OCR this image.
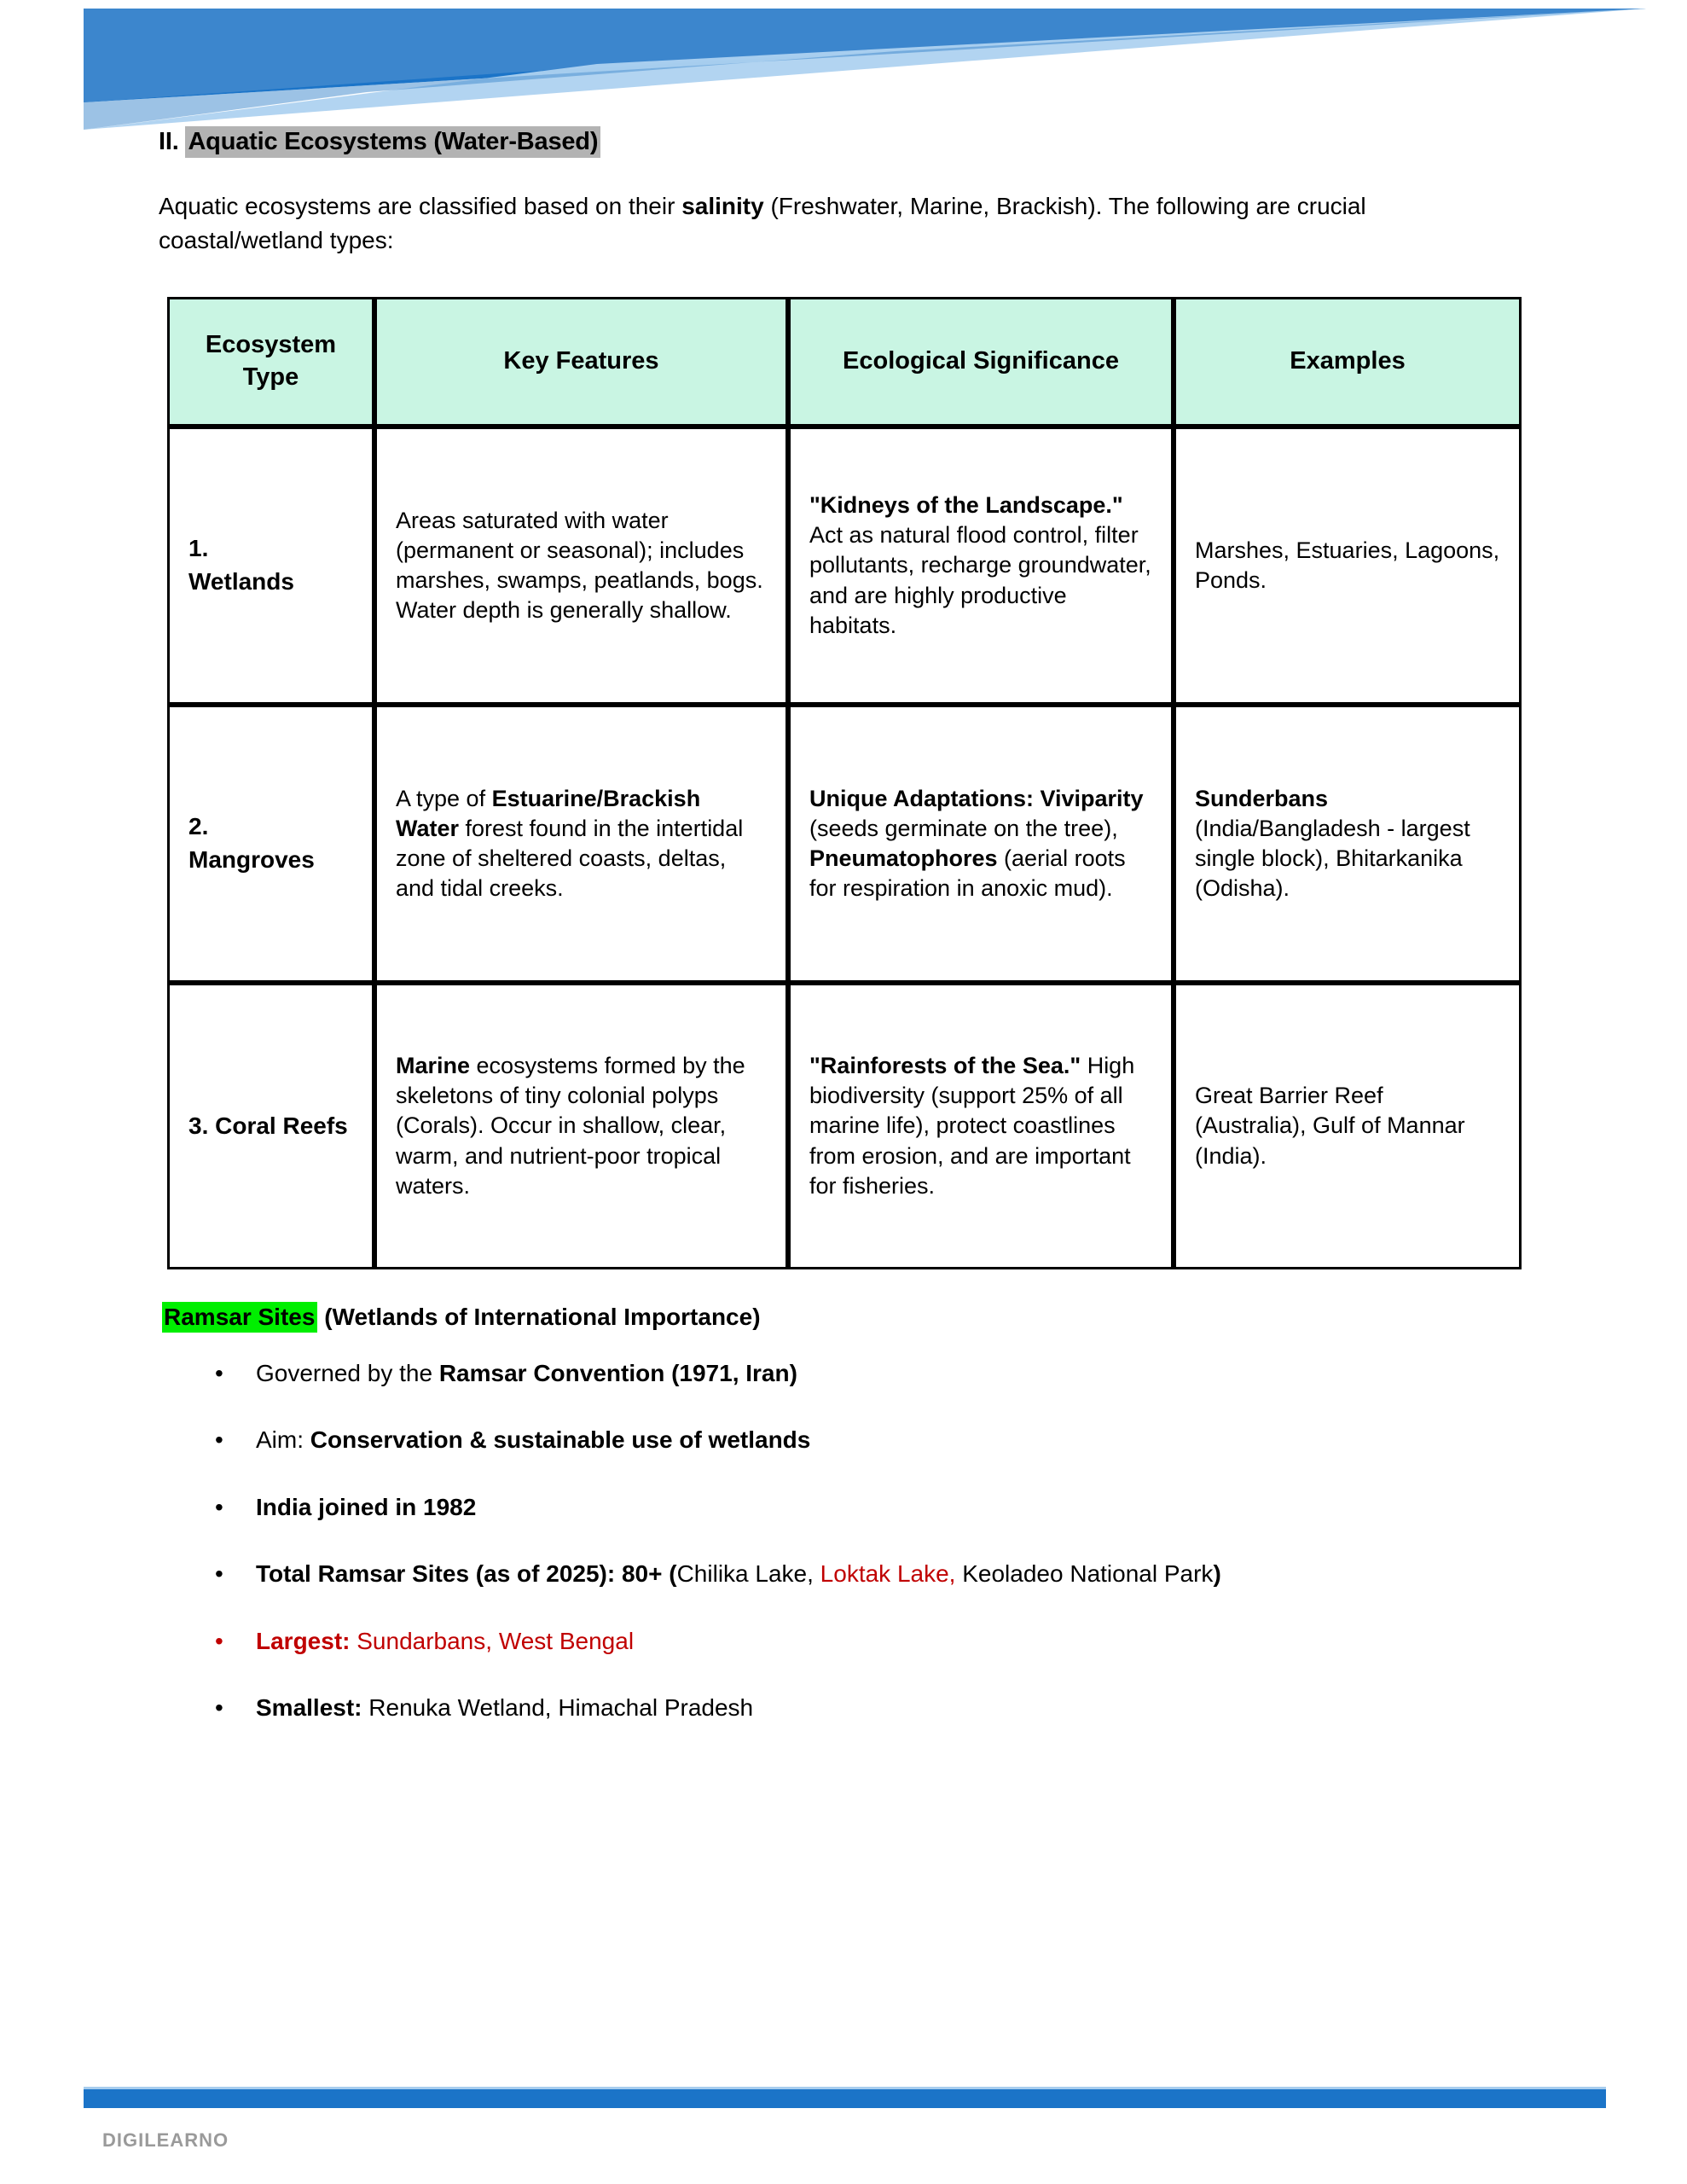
II. Aquatic Ecosystems (Water-Based)
Aquatic ecosystems are classified based on their salinity (Freshwater, Marine, Brackish). The following are crucial coastal/wetland types:
Ecosystem Type	Key Features	Ecological Significance	Examples

1.
Wetlands	Areas saturated with water (permanent or seasonal); includes marshes, swamps, peatlands, bogs. Water depth is generally shallow.	"Kidneys of the Landscape." Act as natural flood control, filter pollutants, recharge groundwater, and are highly productive habitats.	Marshes, Estuaries, Lagoons, Ponds.

2.
Mangroves	A type of Estuarine/Brackish Water forest found in the intertidal zone of sheltered coasts, deltas, and tidal creeks.	Unique Adaptations: Viviparity (seeds germinate on the tree), Pneumatophores (aerial roots for respiration in anoxic mud).	Sunderbans (India/Bangladesh - largest single block), Bhitarkanika (Odisha).

3. Coral Reefs	Marine ecosystems formed by the skeletons of tiny colonial polyps (Corals). Occur in shallow, clear, warm, and nutrient-poor tropical waters.	"Rainforests of the Sea." High biodiversity (support 25% of all marine life), protect coastlines from erosion, and are important for fisheries.	Great Barrier Reef (Australia), Gulf of Mannar (India).
Ramsar Sites (Wetlands of International Importance)
• Governed by the Ramsar Convention (1971, Iran)
• Aim: Conservation & sustainable use of wetlands
• India joined in 1982
• Total Ramsar Sites (as of 2025): 80+ (Chilika Lake, Loktak Lake, Keoladeo National Park)
• Largest: Sundarbans, West Bengal
• Smallest: Renuka Wetland, Himachal Pradesh
DIGILEARNO
